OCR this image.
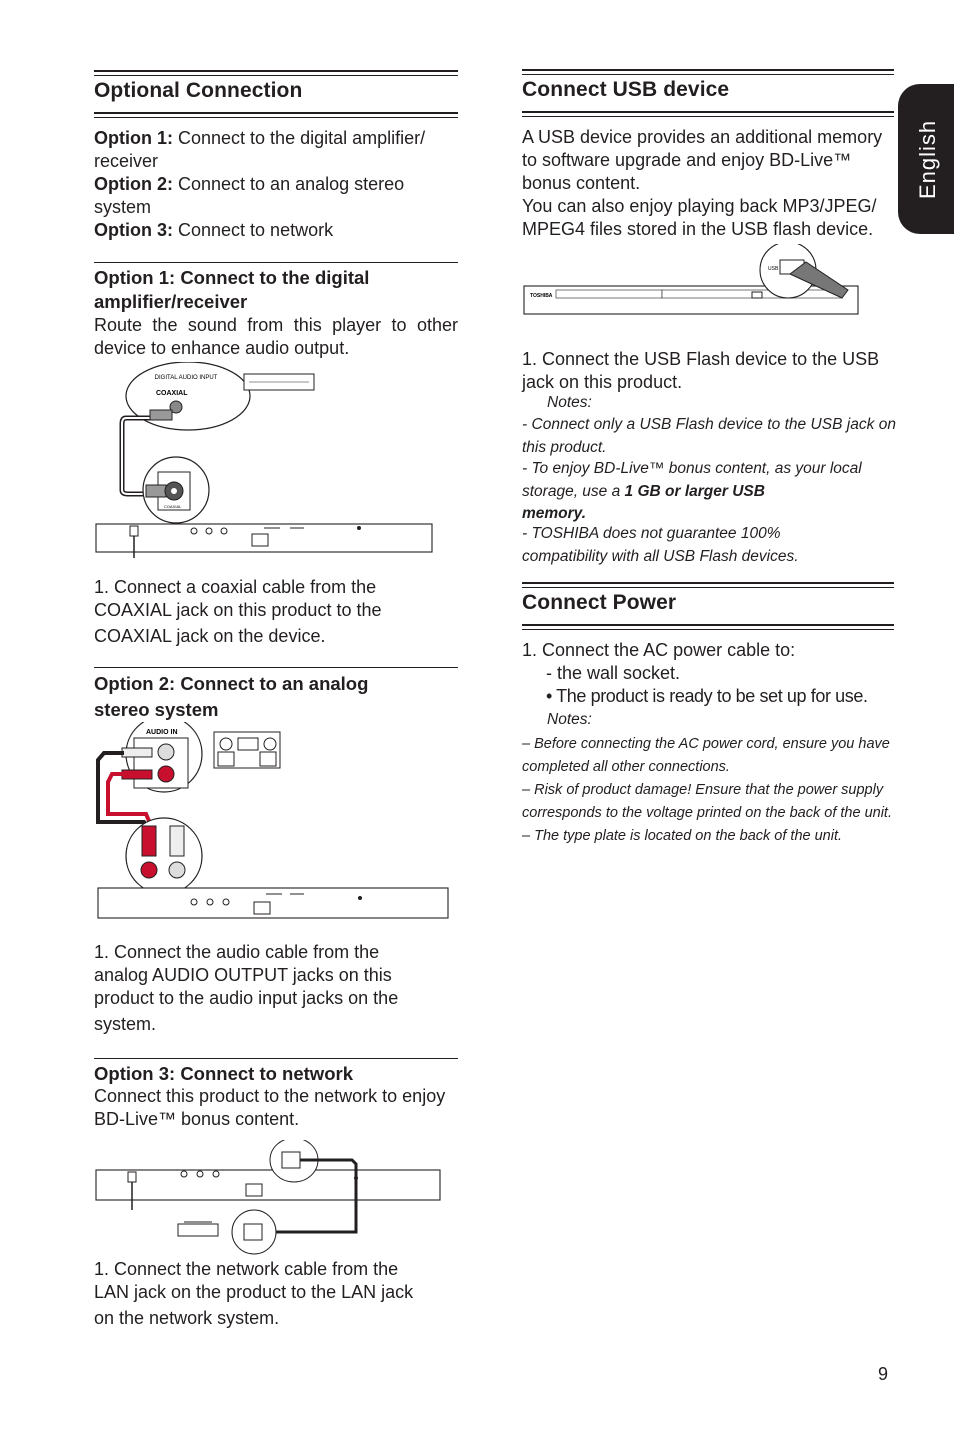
English
Optional Connection
Option 1: Connect to the digital amplifier/ receiver
Option 2: Connect to an analog stereo system
Option 3: Connect to network
Option 1: Connect to the digital
amplifier/receiver
Route the sound from this player to other device to enhance audio output.
DIGITAL AUDIO INPUT
COAXIAL
COAXIAL
1. Connect a coaxial cable from the
COAXIAL jack on this product to the
COAXIAL jack on the device.
Option 2: Connect to an analog
stereo system
AUDIO IN
1. Connect the audio cable from the
analog AUDIO OUTPUT jacks on this
product to the audio input jacks on the
system.
Option 3: Connect to network
Connect this product to the network to enjoy BD-Live™ bonus content.
1. Connect the network cable from the
LAN jack on the product to the LAN jack
on the network system.
Connect USB device
A USB device provides an additional memory to software upgrade and enjoy BD-Live™ bonus content.
You can also enjoy playing back MP3/JPEG/ MPEG4 files stored in the USB flash device.
TOSHIBA
USB
1. Connect the USB Flash device to the USB jack on this product.
Notes:
- Connect only a USB Flash device to the USB jack on this product.
- To enjoy BD-Live™ bonus content, as your local storage, use a 1 GB or larger USB
memory.
- TOSHIBA does not guarantee 100%
compatibility with all USB Flash devices.
Connect Power
1. Connect the AC power cable to:
- the wall socket.
• The product is ready to be set up for use.
Notes:
– Before connecting the AC power cord, ensure you have completed all other connections.
– Risk of product damage! Ensure that the power supply corresponds to the voltage printed on the back of the unit.
– The type plate is located on the back of the unit.
9
